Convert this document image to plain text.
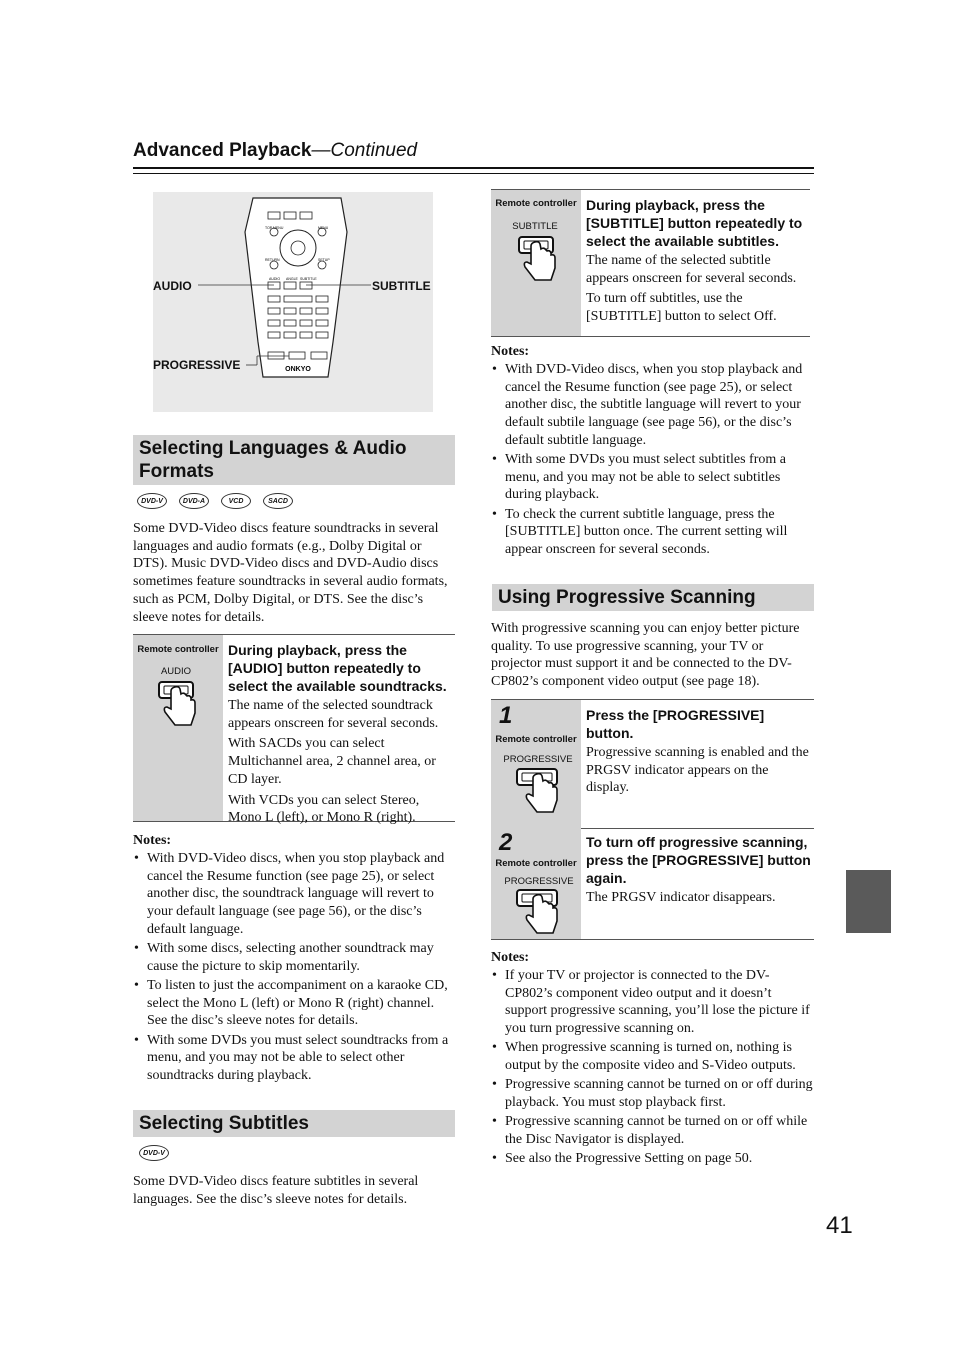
Advanced Playback—Continued
TOP MENU	MENU
RETURN	SETUP
AUDIO ANGLE SUBTITLE
ONKYO
AUDIO	SUBTITLE
PROGRESSIVE
Selecting Languages & Audio Formats
DVD-V	DVD-A	VCD	SACD

Some DVD-Video discs feature soundtracks in several languages and audio formats (e.g., Dolby Digital or DTS). Music DVD-Video discs and DVD-Audio discs sometimes feature soundtracks in several audio formats, such as PCM, Dolby Digital, or DTS. See the disc’s sleeve notes for details.

Remote controller
AUDIO
During playback, press the [AUDIO] button repeatedly to select the available soundtracks.

The name of the selected soundtrack appears onscreen for several seconds.

With SACDs you can select Multichannel area, 2 channel area, or CD layer.

With VCDs you can select Stereo, Mono L (left), or Mono R (right).

Notes:
• With DVD-Video discs, when you stop playback and cancel the Resume function (see page 25), or select another disc, the soundtrack language will revert to your default language (see page 56), or the disc’s default language.
• With some discs, selecting another soundtrack may cause the picture to skip momentarily.
• To listen to just the accompaniment on a karaoke CD, select the Mono L (left) or Mono R (right) channel. See the disc’s sleeve notes for details.
• With some DVDs you must select soundtracks from a menu, and you may not be able to select other soundtracks during playback.
Selecting Subtitles
DVD-V

Some DVD-Video discs feature subtitles in several languages. See the disc’s sleeve notes for details.

Remote controller
SUBTITLE
During playback, press the [SUBTITLE] button repeatedly to select the available subtitles.

The name of the selected subtitle appears onscreen for several seconds.

To turn off subtitles, use the [SUBTITLE] button to select Off.

Notes:
• With DVD-Video discs, when you stop playback and cancel the Resume function (see page 25), or select another disc, the subtitle language will revert to your default subtile language (see page 56), or the disc’s default subtitle language.
• With some DVDs you must select subtitles from a menu, and you may not be able to select subtitles during playback.
• To check the current subtitle language, press the [SUBTITLE] button once. The current setting will appear onscreen for several seconds.
Using Progressive Scanning

With progressive scanning you can enjoy better picture quality. To use progressive scanning, your TV or projector must support it and be connected to the DV-CP802’s component video output (see page 18).

1
Remote controller
PROGRESSIVE
Press the [PROGRESSIVE] button.

Progressive scanning is enabled and the PRGSV indicator appears on the display.

2
Remote controller
PROGRESSIVE
To turn off progressive scanning, press the [PROGRESSIVE] button again.

The PRGSV indicator disappears.

Notes:
• If your TV or projector is connected to the DV-CP802’s component video output and it doesn’t support progressive scanning, you’ll lose the picture if you turn progressive scanning on.
• When progressive scanning is turned on, nothing is output by the composite video and S-Video outputs.
• Progressive scanning cannot be turned on or off during playback. You must stop playback first.
• Progressive scanning cannot be turned on or off while the Disc Navigator is displayed.
• See also the Progressive Setting on page 50.
41
